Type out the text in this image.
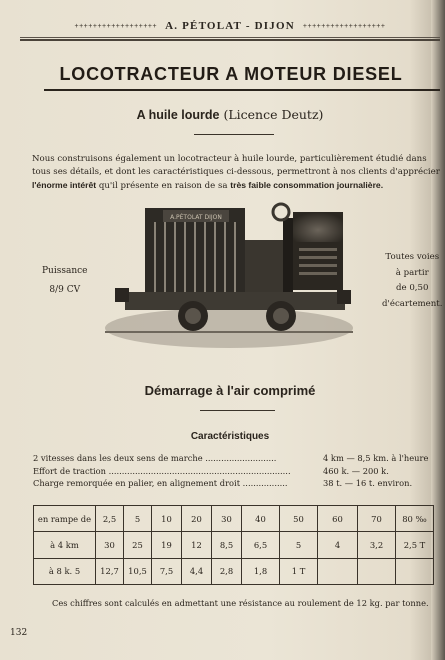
++++++++++++++++++ A. PÉTOLAT - DIJON ++++++++++++++++++
LOCOTRACTEUR A MOTEUR DIESEL
A huile lourde (Licence Deutz)
Nous construisons également un locotracteur à huile lourde, particulièrement étudié dans tous ses détails, et dont les caractéristiques ci-dessous, permettront à nos clients d'apprécier l'énorme intérêt qu'il présente en raison de sa très faible consommation journalière.
Puissance
8/9 CV
Toutes voies
à partir
de 0,50
d'écartement.
A.PÉTOLAT DIJON
Démarrage à l'air comprimé
Caractéristiques
2 vitesses dans les deux sens de marche ...........................	4 km — 8,5 km. à l'heure
Effort de traction .....................................................................	460 k. — 200 k.
Charge remorquée en palier, en alignement droit .................	38 t. — 16 t. environ.
en rampe de	2,5	5	10	20	30	40	50	60	70	80 ‰
à 4 km	30	25	19	12	8,5	6,5	5	4	3,2	2,5 T
à 8 k. 5	12,7	10,5	7,5	4,4	2,8	1,8	1 T			
Ces chiffres sont calculés en admettant une résistance au roulement de 12 kg. par tonne.
132
